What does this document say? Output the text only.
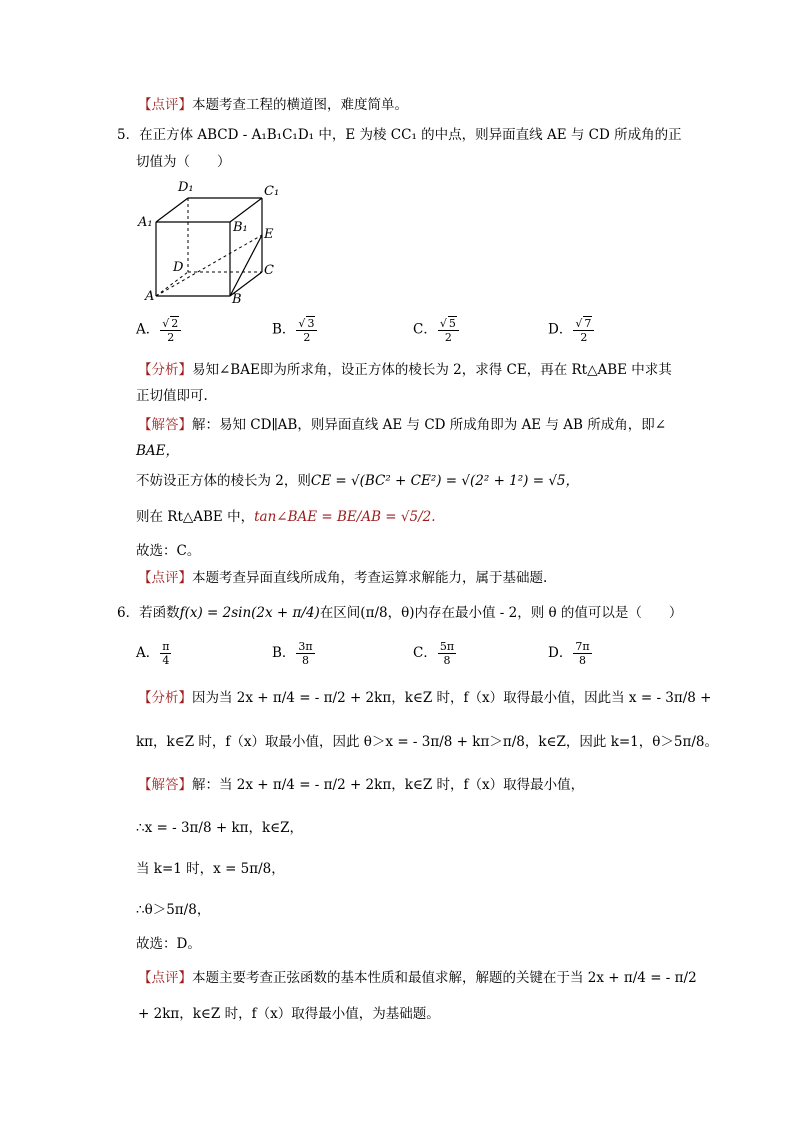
【点评】本题考查工程的横道图，难度简单。
5．在正方体 ABCD - A₁B₁C₁D₁ 中，E 为棱 CC₁ 的中点，则异面直线 AE 与 CD 所成角的正
切值为（　　）
D₁	C₁
A₁	B₁ E
D	C
A	B
A． $\frac{√ 2}{2}$	B． $\frac{√ 3}{2}$	C． $\frac{√ 5}{2}$	D． $\frac{√ 7}{2}$
【分析】易知∠BAE即为所求角，设正方体的棱长为 2，求得 CE，再在 Rt△ABE 中求其
正切值即可.
【解答】解：易知 CD∥AB，则异面直线 AE 与 CD 所成角即为 AE 与 AB 所成角，即∠
BAE，
不妨设正方体的棱长为 2，则CE = √(BC² + CE²) = √(2² + 1²) = √5，
则在 Rt△ABE 中，tan∠BAE = BE/AB = √5/2.
故选：C。
【点评】本题考查异面直线所成角，考查运算求解能力，属于基础题.
6．若函数f(x) = 2sin(2x + π/4)在区间(π/8，θ)内存在最小值 - 2，则 θ 的值可以是（　　）
A． $\frac{\pi}{4}$	B． $\frac{3\pi}{8}$	C． $\frac{5\pi}{8}$	D． $\frac{7\pi}{8}$
【分析】因为当 2x + π/4 = - π/2 + 2kπ，k∈Z 时，f（x）取得最小值，因此当 x = - 3π/8 +
kπ，k∈Z 时，f（x）取最小值，因此 θ＞x = - 3π/8 + kπ＞π/8，k∈Z，因此 k=1，θ＞5π/8。
【解答】解：当 2x + π/4 = - π/2 + 2kπ，k∈Z 时，f（x）取得最小值，
∴x = - 3π/8 + kπ，k∈Z，
当 k=1 时，x = 5π/8，
∴θ＞5π/8，
故选：D。
【点评】本题主要考查正弦函数的基本性质和最值求解，解题的关键在于当 2x + π/4 = - π/2
+ 2kπ，k∈Z 时，f（x）取得最小值，为基础题。
